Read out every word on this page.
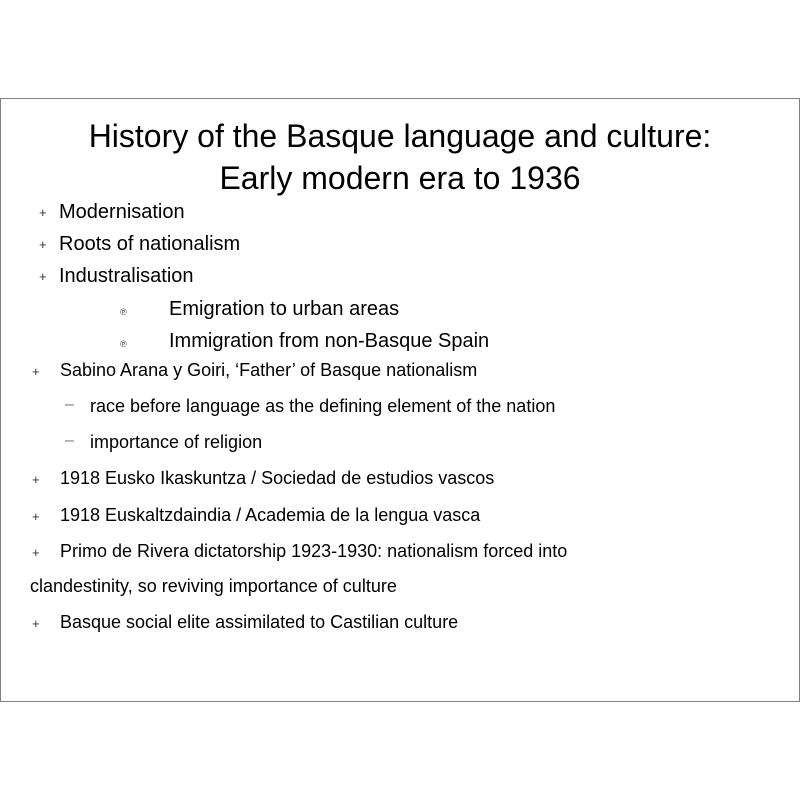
History of the Basque language and culture:
Early modern era to 1936
+ Modernisation
+ Roots of nationalism
+ Industralisation
℗ Emigration to urban areas
℗ Immigration from non-Basque Spain
+ Sabino Arana y Goiri, ‘Father’ of Basque nationalism
– race before language as the defining element of the nation
– importance of religion
+ 1918 Eusko Ikaskuntza / Sociedad de estudios vascos
+ 1918 Euskaltzdaindia / Academia de la lengua vasca
+ Primo de Rivera dictatorship 1923-1930: nationalism forced into
clandestinity, so reviving importance of culture
+ Basque social elite assimilated to Castilian culture
